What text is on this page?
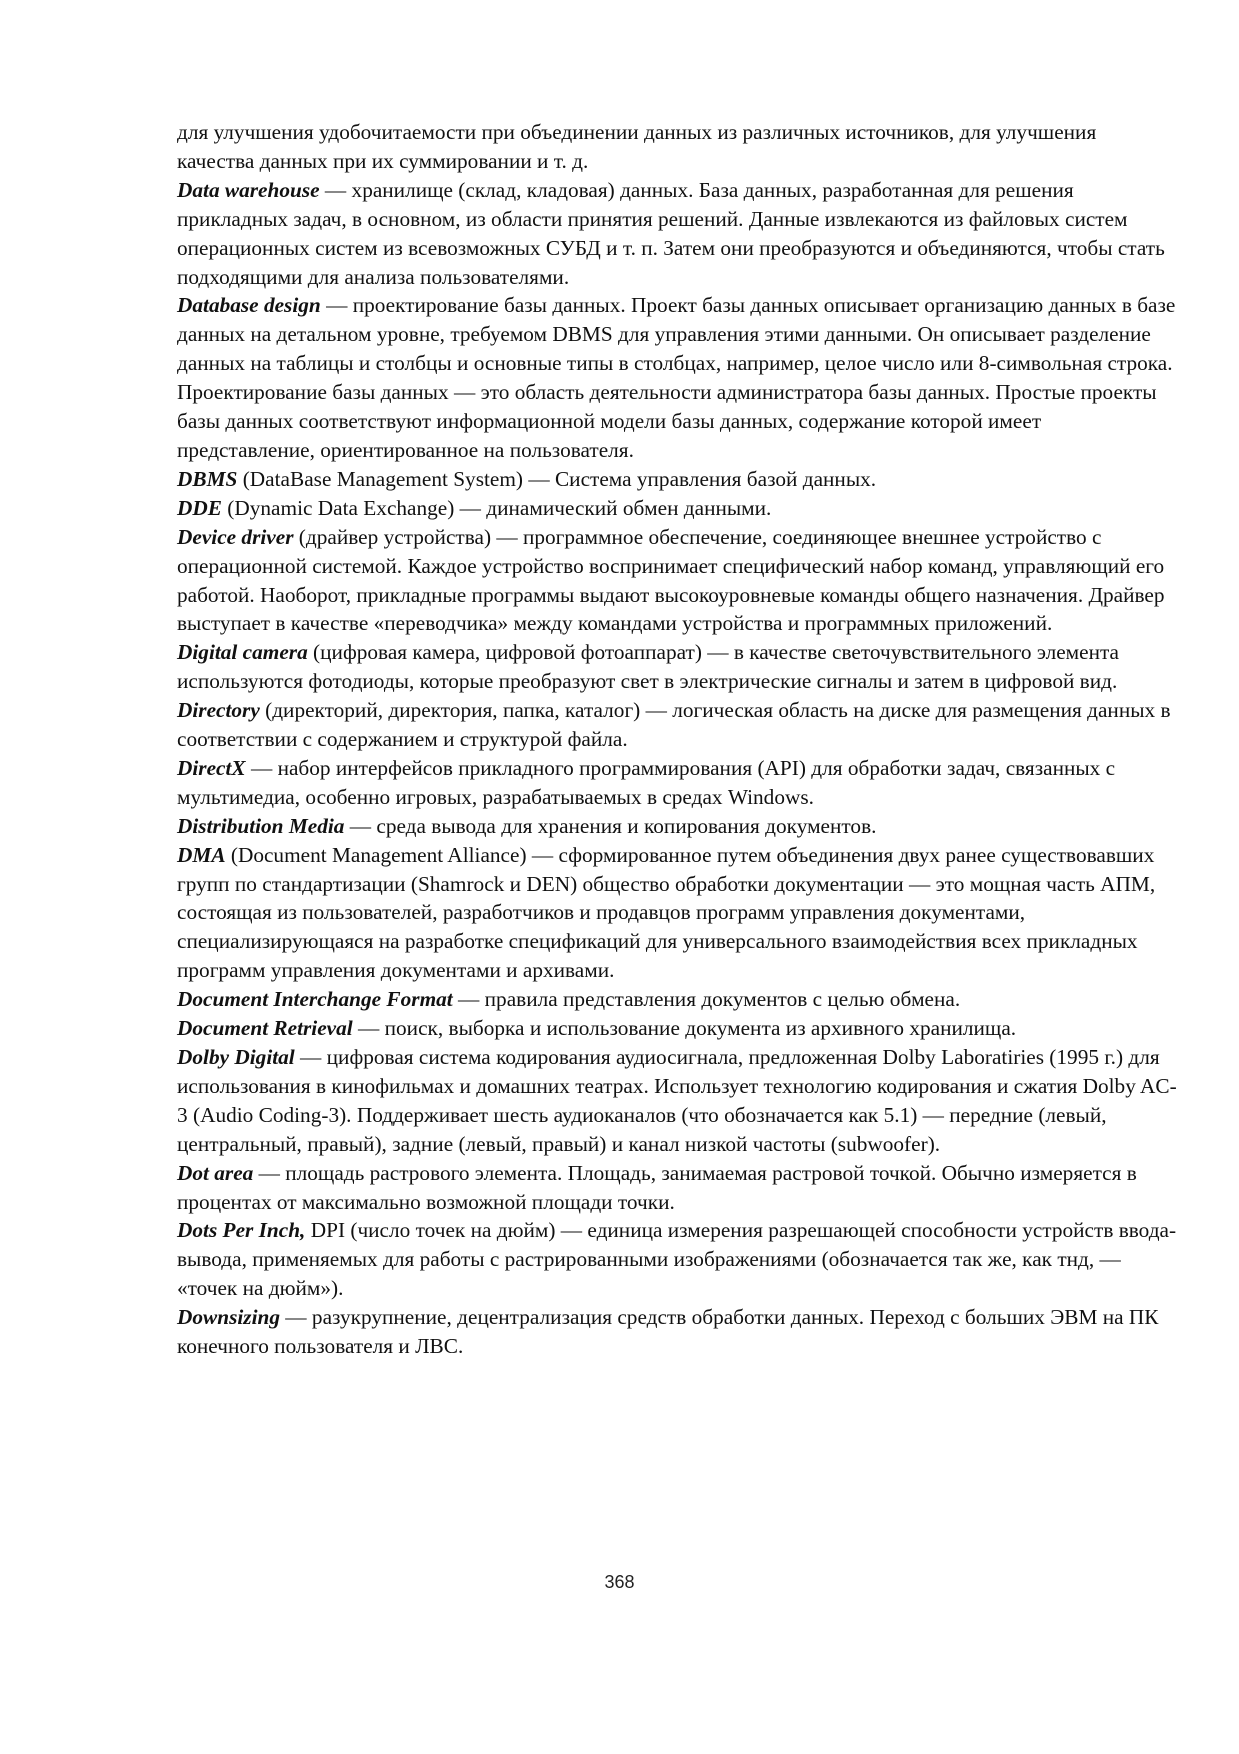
для улучшения удобочитаемости при объединении данных из различных источников, для улучшения качества данных при их суммировании и т. д.

Data warehouse — хранилище (склад, кладовая) данных. База данных, разработанная для решения прикладных задач, в основном, из области принятия решений. Данные извлекаются из файловых систем операционных систем из всевозможных СУБД и т. п. Затем они преобразуются и объединяются, чтобы стать подходящими для анализа пользователями.

Database design — проектирование базы данных. Проект базы данных описывает организацию данных в базе данных на детальном уровне, требуемом DBMS для управления этими данными. Он описывает разделение данных на таблицы и столбцы и основные типы в столбцах, например, целое число или 8-символьная строка. Проектирование базы данных — это область деятельности администратора базы данных. Простые проекты базы данных соответствуют информационной модели базы данных, содержание которой имеет представление, ориентированное на пользователя.

DBMS (DataBase Management System) — Система управления базой данных.

DDE (Dynamic Data Exchange) — динамический обмен данными.

Device driver (драйвер устройства) — программное обеспечение, соединяющее внешнее устройство с операционной системой. Каждое устройство воспринимает специфический набор команд, управляющий его работой. Наоборот, прикладные программы выдают высокоуровневые команды общего назначения. Драйвер выступает в качестве «переводчика» между командами устройства и программных приложений.

Digital camera (цифровая камера, цифровой фотоаппарат) — в качестве светочувствительного элемента используются фотодиоды, которые преобразуют свет в электрические сигналы и затем в цифровой вид.

Directory (директорий, директория, папка, каталог) — логическая область на диске для размещения данных в соответствии с содержанием и структурой файла.

DirectX — набор интерфейсов прикладного программирования (API) для обработки задач, связанных с мультимедиа, особенно игровых, разрабатываемых в средах Windows.

Distribution Media — среда вывода для хранения и копирования документов.

DMA (Document Management Alliance) — сформированное путем объединения двух ранее существовавших групп по стандартизации (Shamrock и DEN) общество обработки документации — это мощная часть АПМ, состоящая из пользователей, разработчиков и продавцов программ управления документами, специализирующаяся на разработке спецификаций для универсального взаимодействия всех прикладных программ управления документами и архивами.

Document Interchange Format — правила представления документов с целью обмена.

Document Retrieval — поиск, выборка и использование документа из архивного хранилища.

Dolby Digital — цифровая система кодирования аудиосигнала, предложенная Dolby Laboratiries (1995 г.) для использования в кинофильмах и домашних театрах. Использует технологию кодирования и сжатия Dolby AC-3 (Audio Coding-3). Поддерживает шесть аудиоканалов (что обозначается как 5.1) — передние (левый, центральный, правый), задние (левый, правый) и канал низкой частоты (subwoofer).

Dot area — площадь растрового элемента. Площадь, занимаемая растровой точкой. Обычно измеряется в процентах от максимально возможной площади точки.

Dots Per Inch, DPI (число точек на дюйм) — единица измерения разрешающей способности устройств ввода-вывода, применяемых для работы с растрированными изображениями (обозначается так же, как тнд, — «точек на дюйм»).

Downsizing — разукрупнение, децентрализация средств обработки данных. Переход с больших ЭВМ на ПК конечного пользователя и ЛВС.

368
